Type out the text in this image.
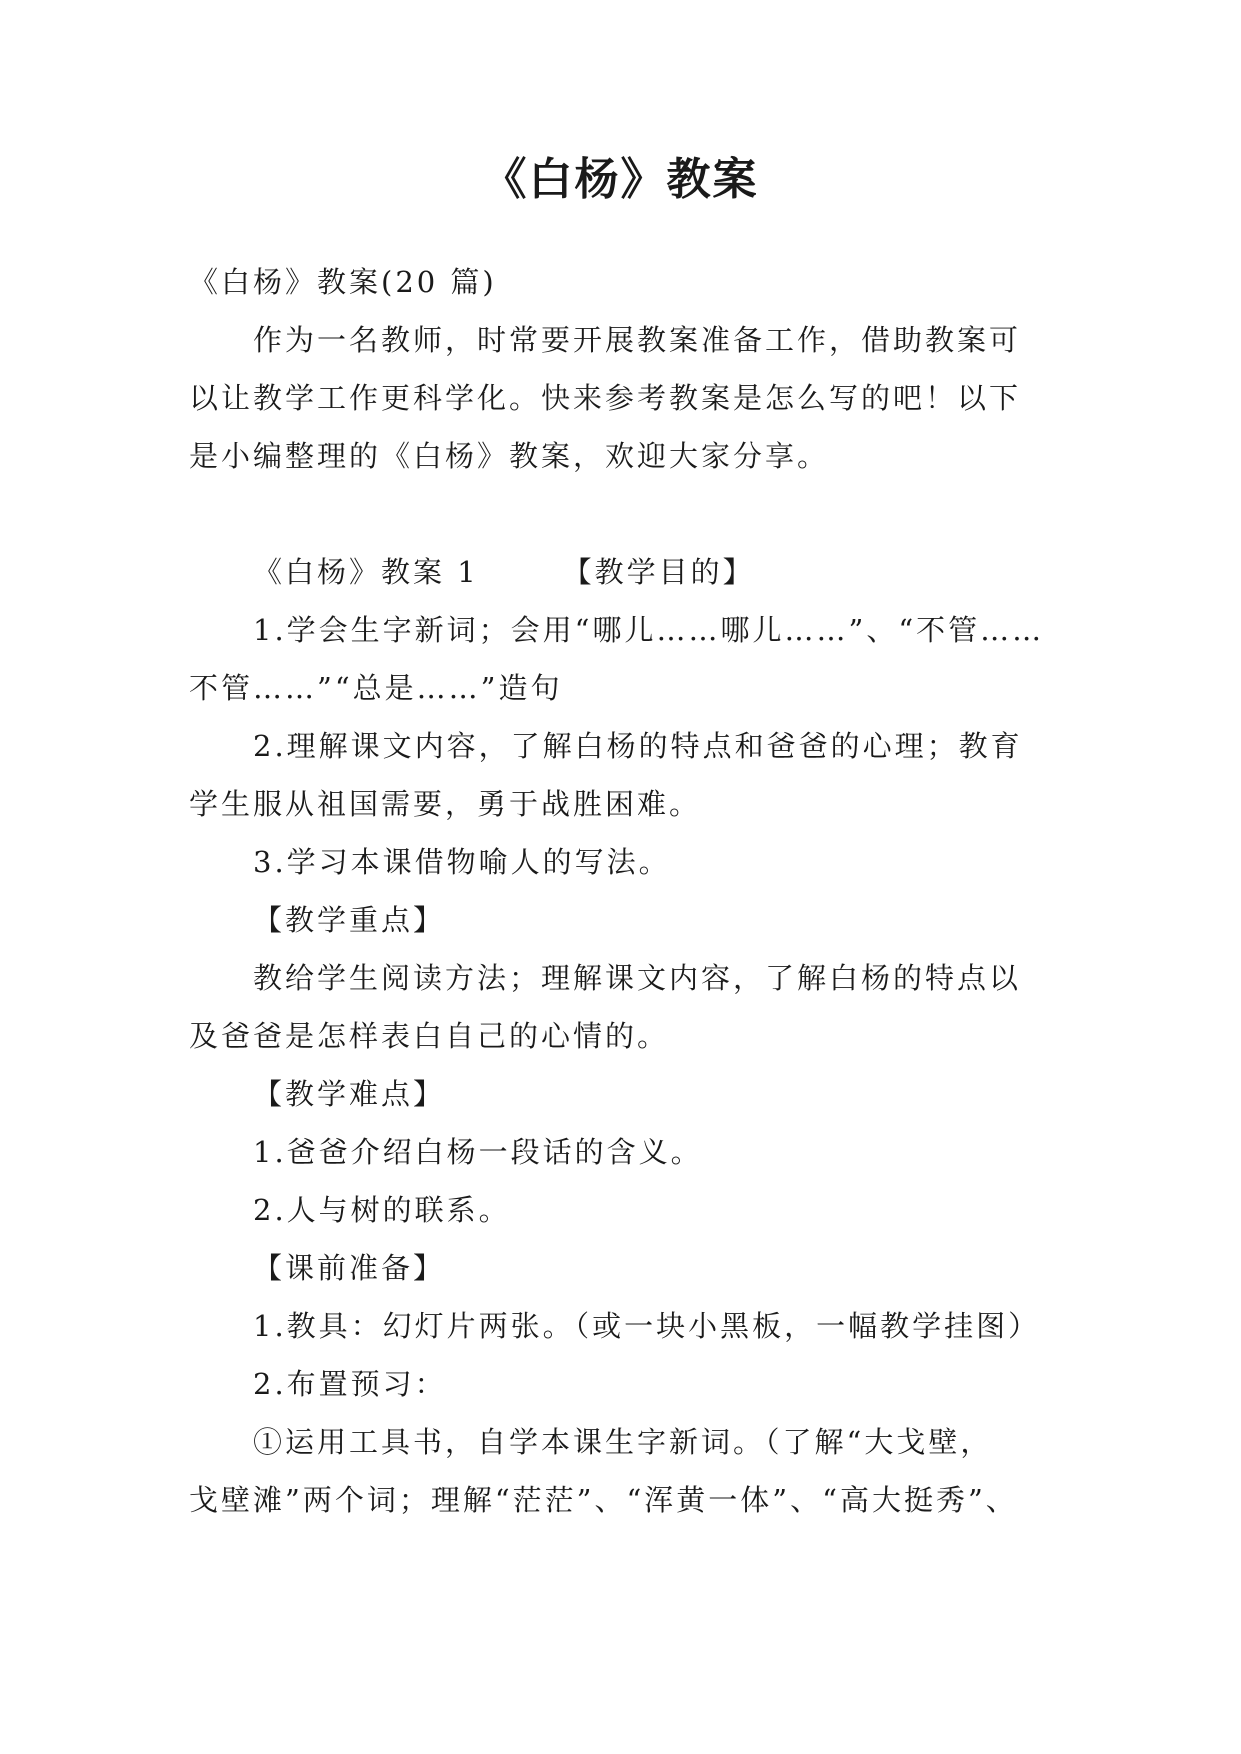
《白杨》教案
《白杨》教案(20 篇)
作为一名教师，时常要开展教案准备工作，借助教案可
以让教学工作更科学化。快来参考教案是怎么写的吧！以下
是小编整理的《白杨》教案，欢迎大家分享。
《白杨》教案 1	【教学目的】
1.学会生字新词；会用“哪儿……哪儿……”、“不管……
不管……”“总是……”造句
2.理解课文内容，了解白杨的特点和爸爸的心理；教育
学生服从祖国需要，勇于战胜困难。
3.学习本课借物喻人的写法。
【教学重点】
教给学生阅读方法；理解课文内容，了解白杨的特点以
及爸爸是怎样表白自己的心情的。
【教学难点】
1.爸爸介绍白杨一段话的含义。
2.人与树的联系。
【课前准备】
1.教具：幻灯片两张。（或一块小黑板，一幅教学挂图）
2.布置预习：
①运用工具书，自学本课生字新词。（了解“大戈壁，
戈壁滩”两个词；理解“茫茫”、“浑黄一体”、“高大挺秀”、
